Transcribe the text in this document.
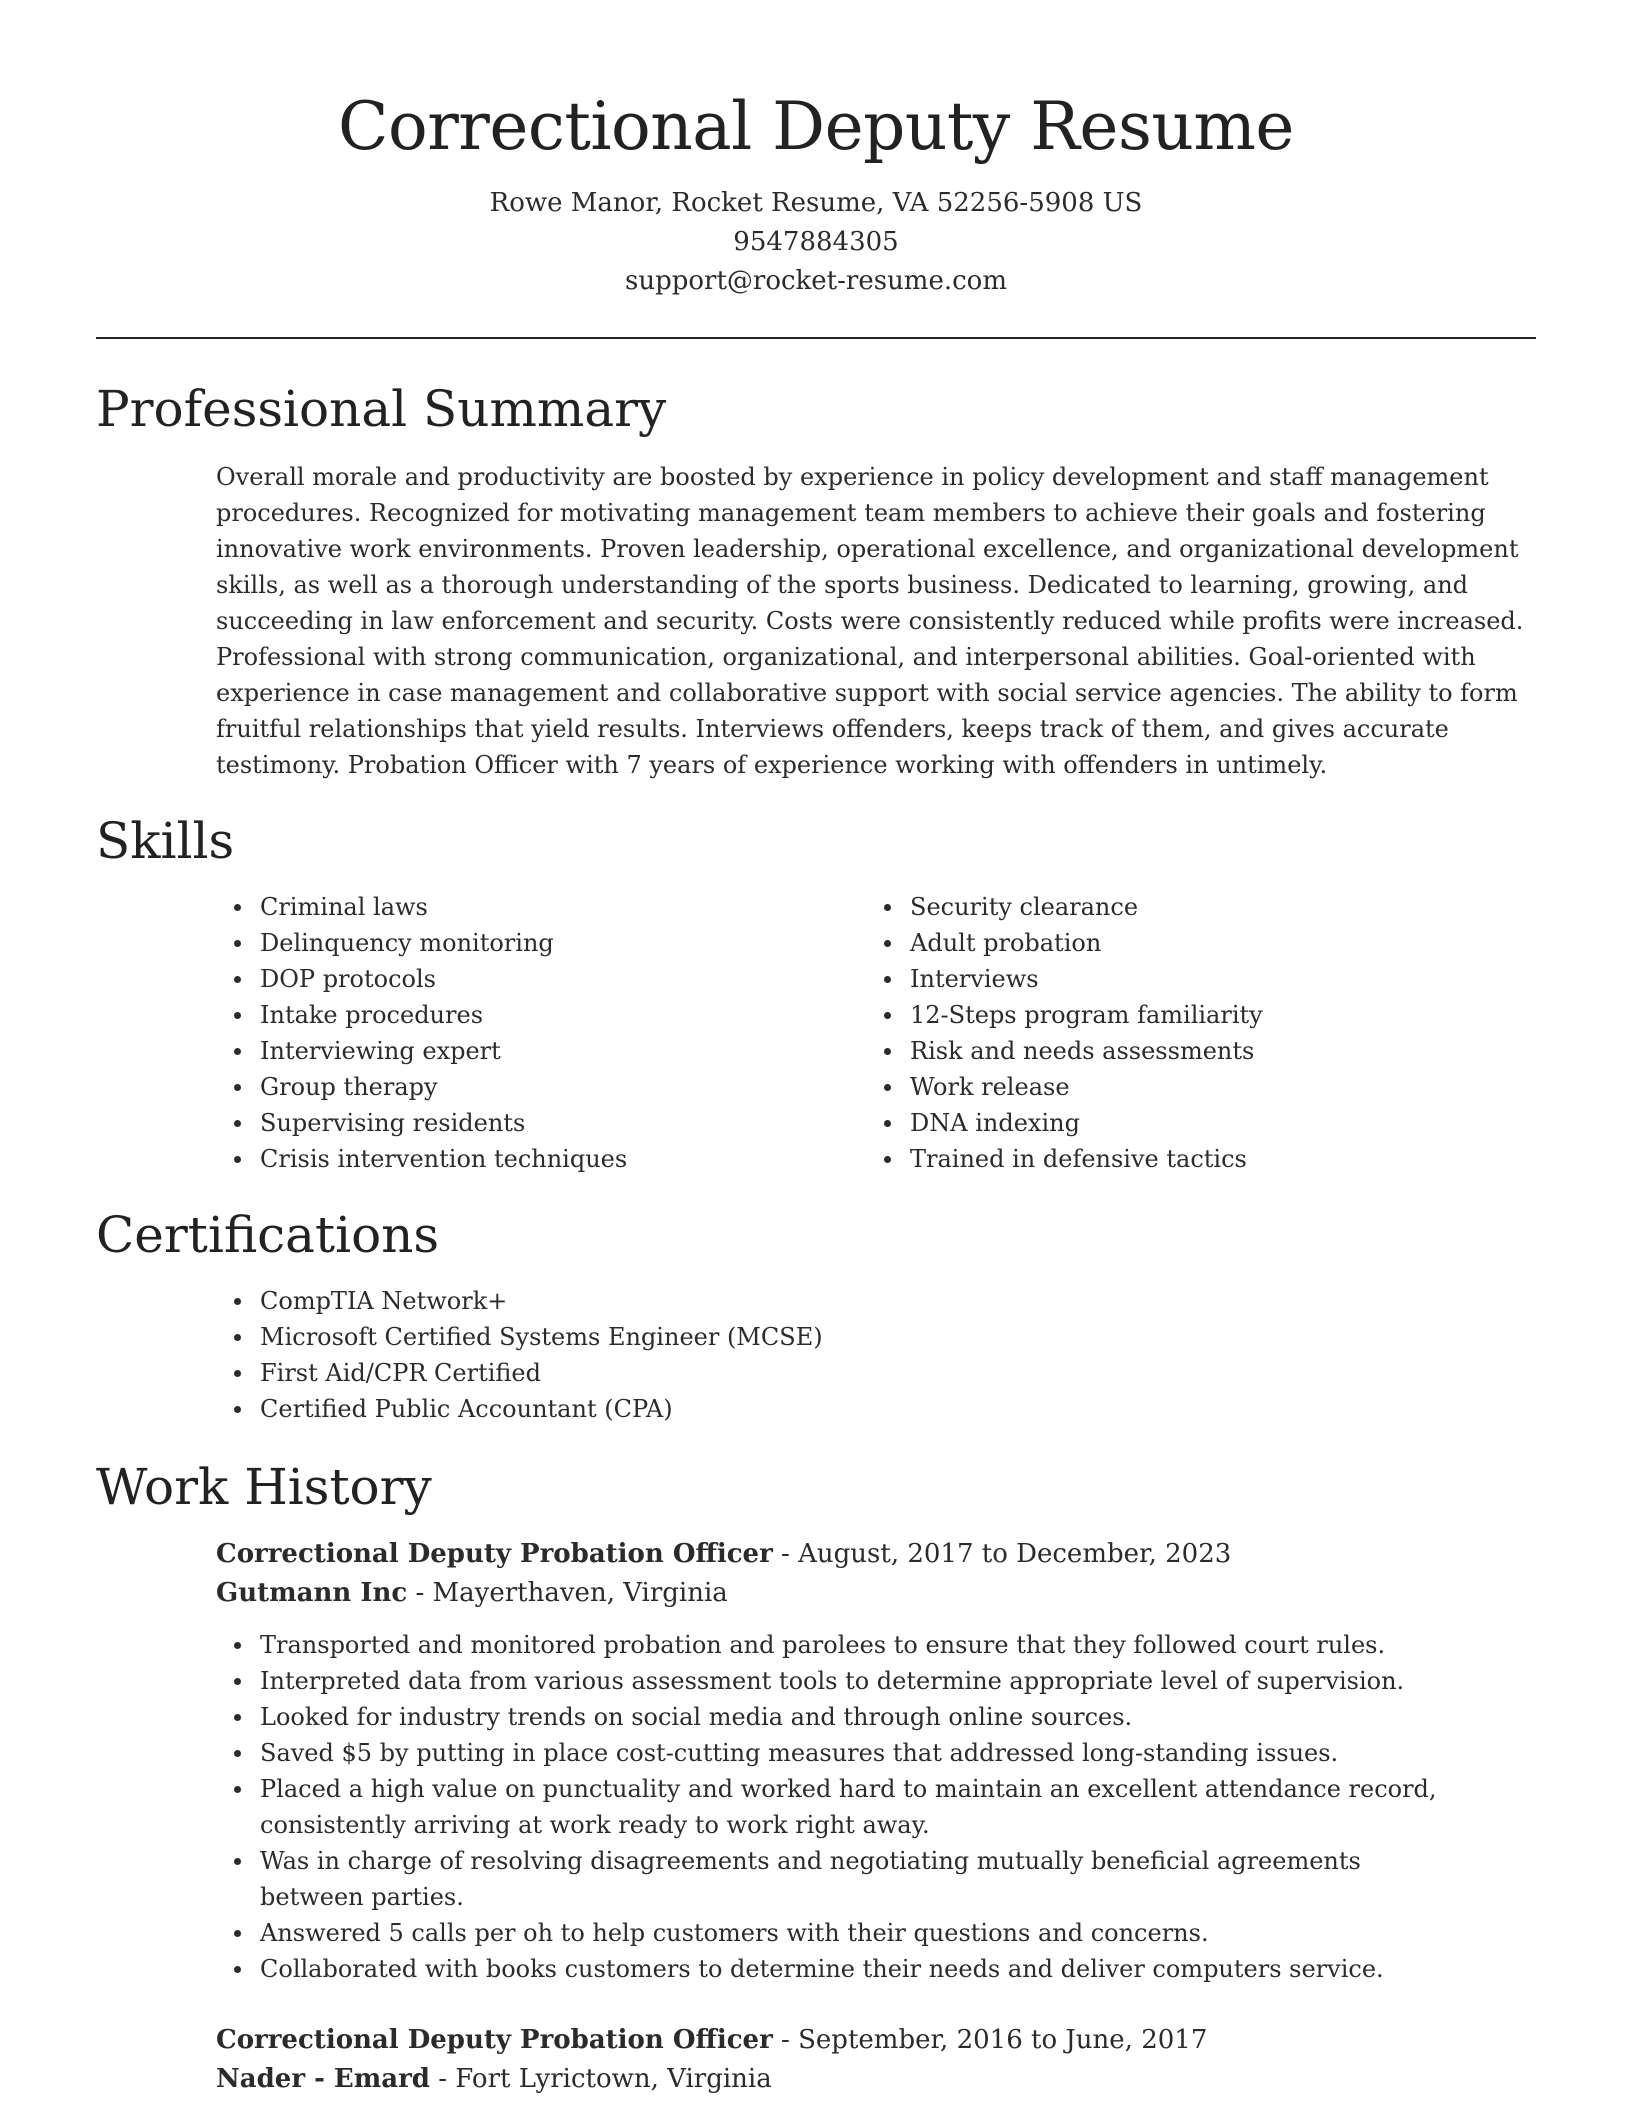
Correctional Deputy Resume
Rowe Manor, Rocket Resume, VA 52256-5908 US
9547884305
support@rocket-resume.com
Professional Summary
Overall morale and productivity are boosted by experience in policy development and staff management
procedures. Recognized for motivating management team members to achieve their goals and fostering
innovative work environments. Proven leadership, operational excellence, and organizational development
skills, as well as a thorough understanding of the sports business. Dedicated to learning, growing, and
succeeding in law enforcement and security. Costs were consistently reduced while profits were increased.
Professional with strong communication, organizational, and interpersonal abilities. Goal-oriented with
experience in case management and collaborative support with social service agencies. The ability to form
fruitful relationships that yield results. Interviews offenders, keeps track of them, and gives accurate
testimony. Probation Officer with 7 years of experience working with offenders in untimely.
Skills
Criminal laws
Delinquency monitoring
DOP protocols
Intake procedures
Interviewing expert
Group therapy
Supervising residents
Crisis intervention techniques
Security clearance
Adult probation
Interviews
12-Steps program familiarity
Risk and needs assessments
Work release
DNA indexing
Trained in defensive tactics
Certifications
CompTIA Network+
Microsoft Certified Systems Engineer (MCSE)
First Aid/CPR Certified
Certified Public Accountant (CPA)
Work History
Correctional Deputy Probation Officer - August, 2017 to December, 2023
Gutmann Inc - Mayerthaven, Virginia
Transported and monitored probation and parolees to ensure that they followed court rules.
Interpreted data from various assessment tools to determine appropriate level of supervision.
Looked for industry trends on social media and through online sources.
Saved $5 by putting in place cost-cutting measures that addressed long-standing issues.
Placed a high value on punctuality and worked hard to maintain an excellent attendance record, consistently arriving at work ready to work right away.
Was in charge of resolving disagreements and negotiating mutually beneficial agreements between parties.
Answered 5 calls per oh to help customers with their questions and concerns.
Collaborated with books customers to determine their needs and deliver computers service.
Correctional Deputy Probation Officer - September, 2016 to June, 2017
Nader - Emard - Fort Lyrictown, Virginia
